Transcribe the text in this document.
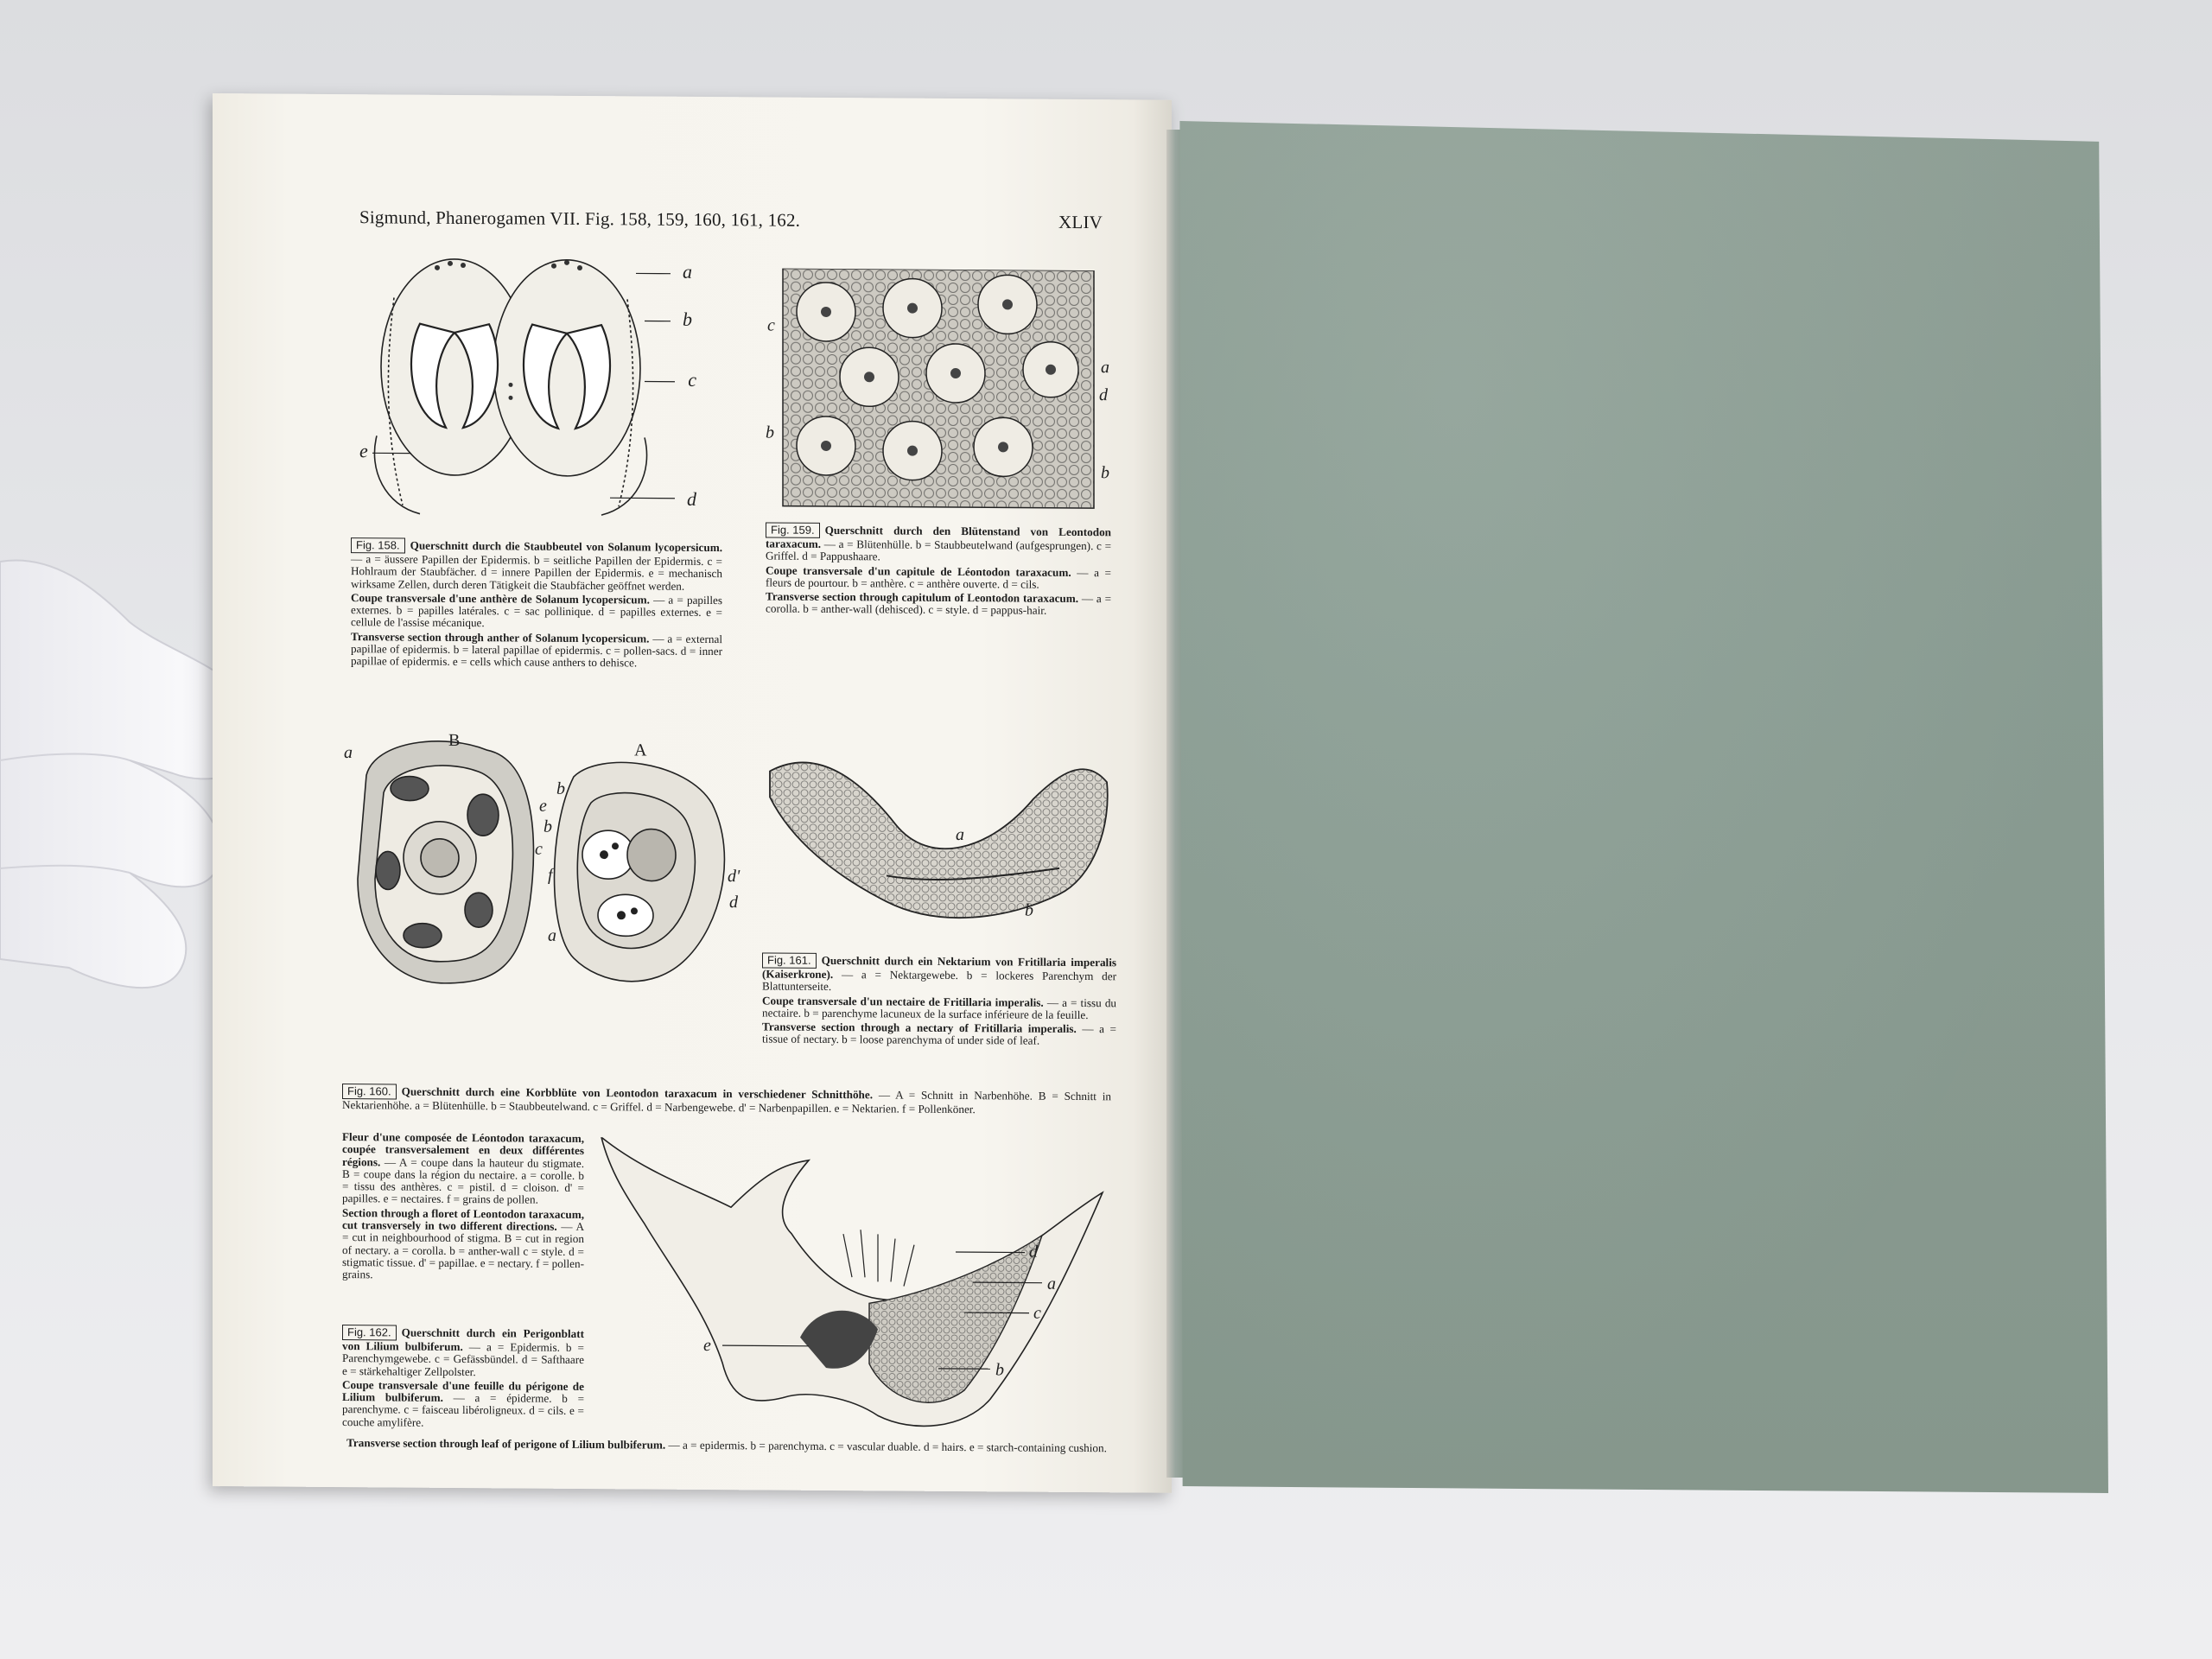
Sigmund, Phanerogamen VII. Fig. 158, 159, 160, 161, 162.	XLIV
a
b
c
d
e
c
a
d
b
b

Fig. 158. Querschnitt durch die Staubbeutel von Solanum lycopersicum. — a = äussere Papillen der Epidermis. b = seitliche Papillen der Epidermis. c = Hohlraum der Staubfächer. d = innere Papillen der Epidermis. e = mechanisch wirksame Zellen, durch deren Tätigkeit die Staubfächer geöffnet werden.

Coupe transversale d'une anthère de Solanum lycopersicum. — a = papilles externes. b = papilles latérales. c = sac pollinique. d = papilles externes. e = cellule de l'assise mécanique.

Transverse section through anther of Solanum lycopersicum. — a = external papillae of epidermis. b = lateral papillae of epidermis. c = pollen-sacs. d = inner papillae of epidermis. e = cells which cause anthers to dehisce.

Fig. 159. Querschnitt durch den Blütenstand von Leontodon taraxacum. — a = Blütenhülle. b = Staubbeutelwand (aufgesprungen). c = Griffel. d = Pappushaare.

Coupe transversale d'un capitule de Léontodon taraxacum. — a = fleurs de pourtour. b = anthère. c = anthère ouverte. d = cils.

Transverse section through capitulum of Leontodon taraxacum. — a = corolla. b = anther-wall (dehisced). c = style. d = pappus-hair.

a
B
e
b
c
A
b
f
a
d'
d
a
b

Fig. 161. Querschnitt durch ein Nektarium von Fritillaria imperalis (Kaiserkrone). — a = Nektargewebe. b = lockeres Parenchym der Blattunterseite.

Coupe transversale d'un nectaire de Fritillaria imperalis. — a = tissu du nectaire. b = parenchyme lacuneux de la surface inférieure de la feuille.

Transverse section through a nectary of Fritillaria imperalis. — a = tissue of nectary. b = loose parenchyma of under side of leaf.

Fig. 160. Querschnitt durch eine Korbblüte von Leontodon taraxacum in verschiedener Schnitthöhe. — A = Schnitt in Narbenhöhe. B = Schnitt in Nektarienhöhe. a = Blütenhülle. b = Staubbeutelwand. c = Griffel. d = Narbengewebe. d' = Narbenpapillen. e = Nektarien. f = Pollenköner.

Fleur d'une composée de Léontodon taraxacum, coupée transversalement en deux différentes régions. — A = coupe dans la hauteur du stigmate. B = coupe dans la région du nectaire. a = corolle. b = tissu des anthères. c = pistil. d = cloison. d' = papilles. e = nectaires. f = grains de pollen.

Section through a floret of Leontodon taraxacum, cut transversely in two different directions. — A = cut in neighbourhood of stigma. B = cut in region of nectary. a = corolla. b = anther-wall c = style. d = stigmatic tissue. d' = papillae. e = nectary. f = pollen-grains.

Fig. 162. Querschnitt durch ein Perigonblatt von Lilium bulbiferum. — a = Epidermis. b = Parenchymgewebe. c = Gefässbündel. d = Safthaare e = stärkehaltiger Zellpolster.

Coupe transversale d'une feuille du périgone de Lilium bulbiferum. — a = épiderme. b = parenchyme. c = faisceau libéroligneux. d = cils. e = couche amylifère.

Transverse section through leaf of perigone of Lilium bulbiferum. — a = epidermis. b = parenchyma. c = vascular duable. d = hairs. e = starch-containing cushion.

d
a
c
e
b
